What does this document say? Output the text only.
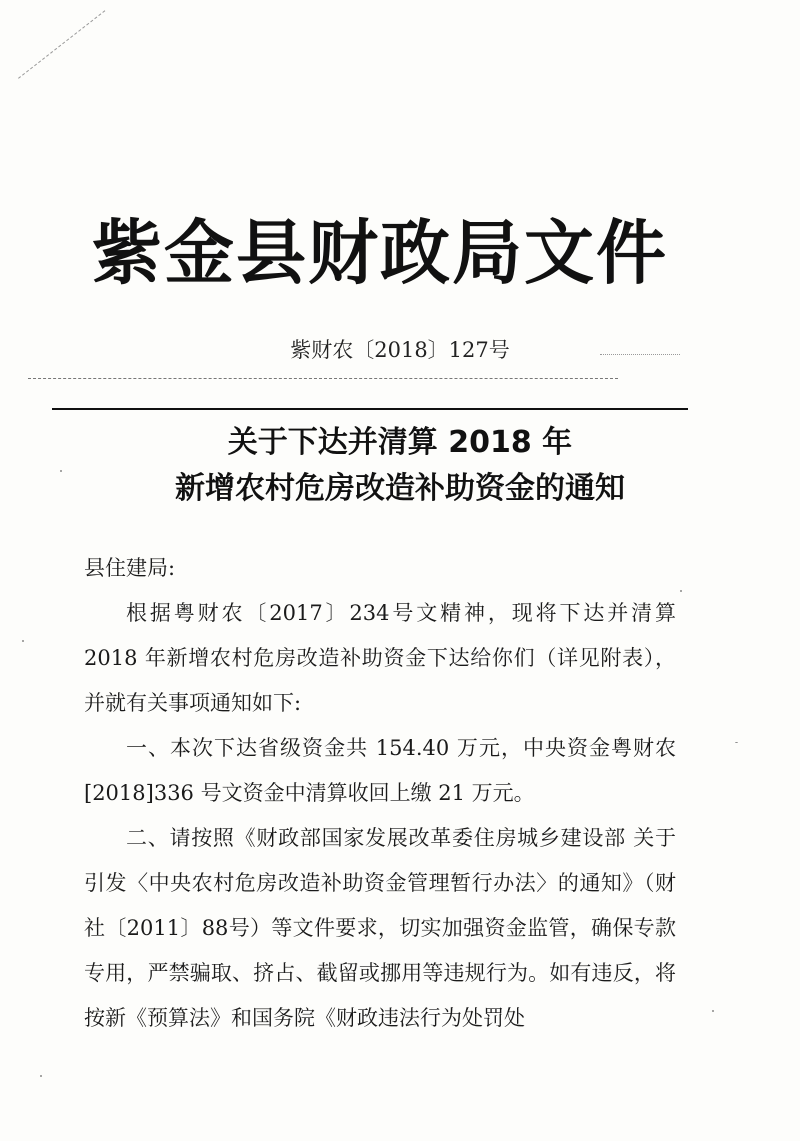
紫金县财政局文件
紫财农〔2018〕127号
关于下达并清算 2018 年
新增农村危房改造补助资金的通知

县住建局:

根据粤财农〔2017〕234号文精神，现将下达并清算 2018 年新增农村危房改造补助资金下达给你们（详见附表），并就有关事项通知如下:

一、本次下达省级资金共 154.40 万元，中央资金粤财农[2018]336 号文资金中清算收回上缴 21 万元。

二、请按照《财政部国家发展改革委住房城乡建设部 关于引发〈中央农村危房改造补助资金管理暂行办法〉的通知》（财社〔2011〕88号）等文件要求，切实加强资金监管，确保专款专用，严禁骗取、挤占、截留或挪用等违规行为。如有违反，将按新《预算法》和国务院《财政违法行为处罚处
